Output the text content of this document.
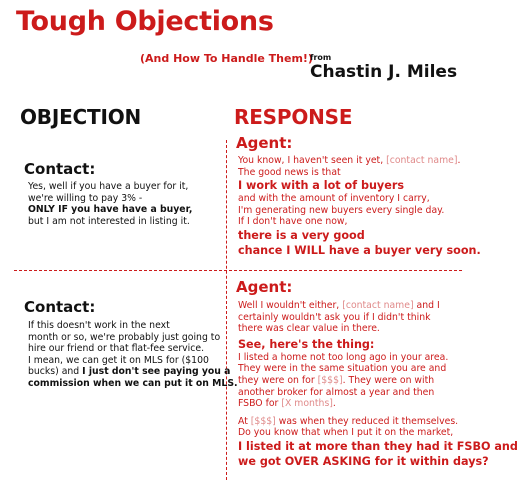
Tough Objections
(And How To Handle Them!)
from
Chastin J. Miles
OBJECTION	RESPONSE
Contact:
Yes, well if you have a buyer for it,
we're willing to pay 3% -
ONLY IF you have have a buyer,
but I am not interested in listing it.
Agent:
You know, I haven't seen it yet, [contact name].
The good news is that
I work with a lot of buyers
and with the amount of inventory I carry,
I'm generating new buyers every single day.
If I don't have one now,
there is a very good
chance I WILL have a buyer very soon.
Contact:
If this doesn't work in the next
month or so, we're probably just going to
hire our friend or that flat-fee service.
I mean, we can get it on MLS for ($100
bucks) and I just don't see paying you a
commission when we can put it on MLS.
Agent:
Well I wouldn't either, [contact name] and I
certainly wouldn't ask you if I didn't think
there was clear value in there.
See, here's the thing:
I listed a home not too long ago in your area.
They were in the same situation you are and
they were on for [$$$]. They were on with
another broker for almost a year and then
FSBO for [X months].
At [$$$] was when they reduced it themselves.
Do you know that when I put it on the market,
I listed it at more than they had it FSBO and
we got OVER ASKING for it within days?
